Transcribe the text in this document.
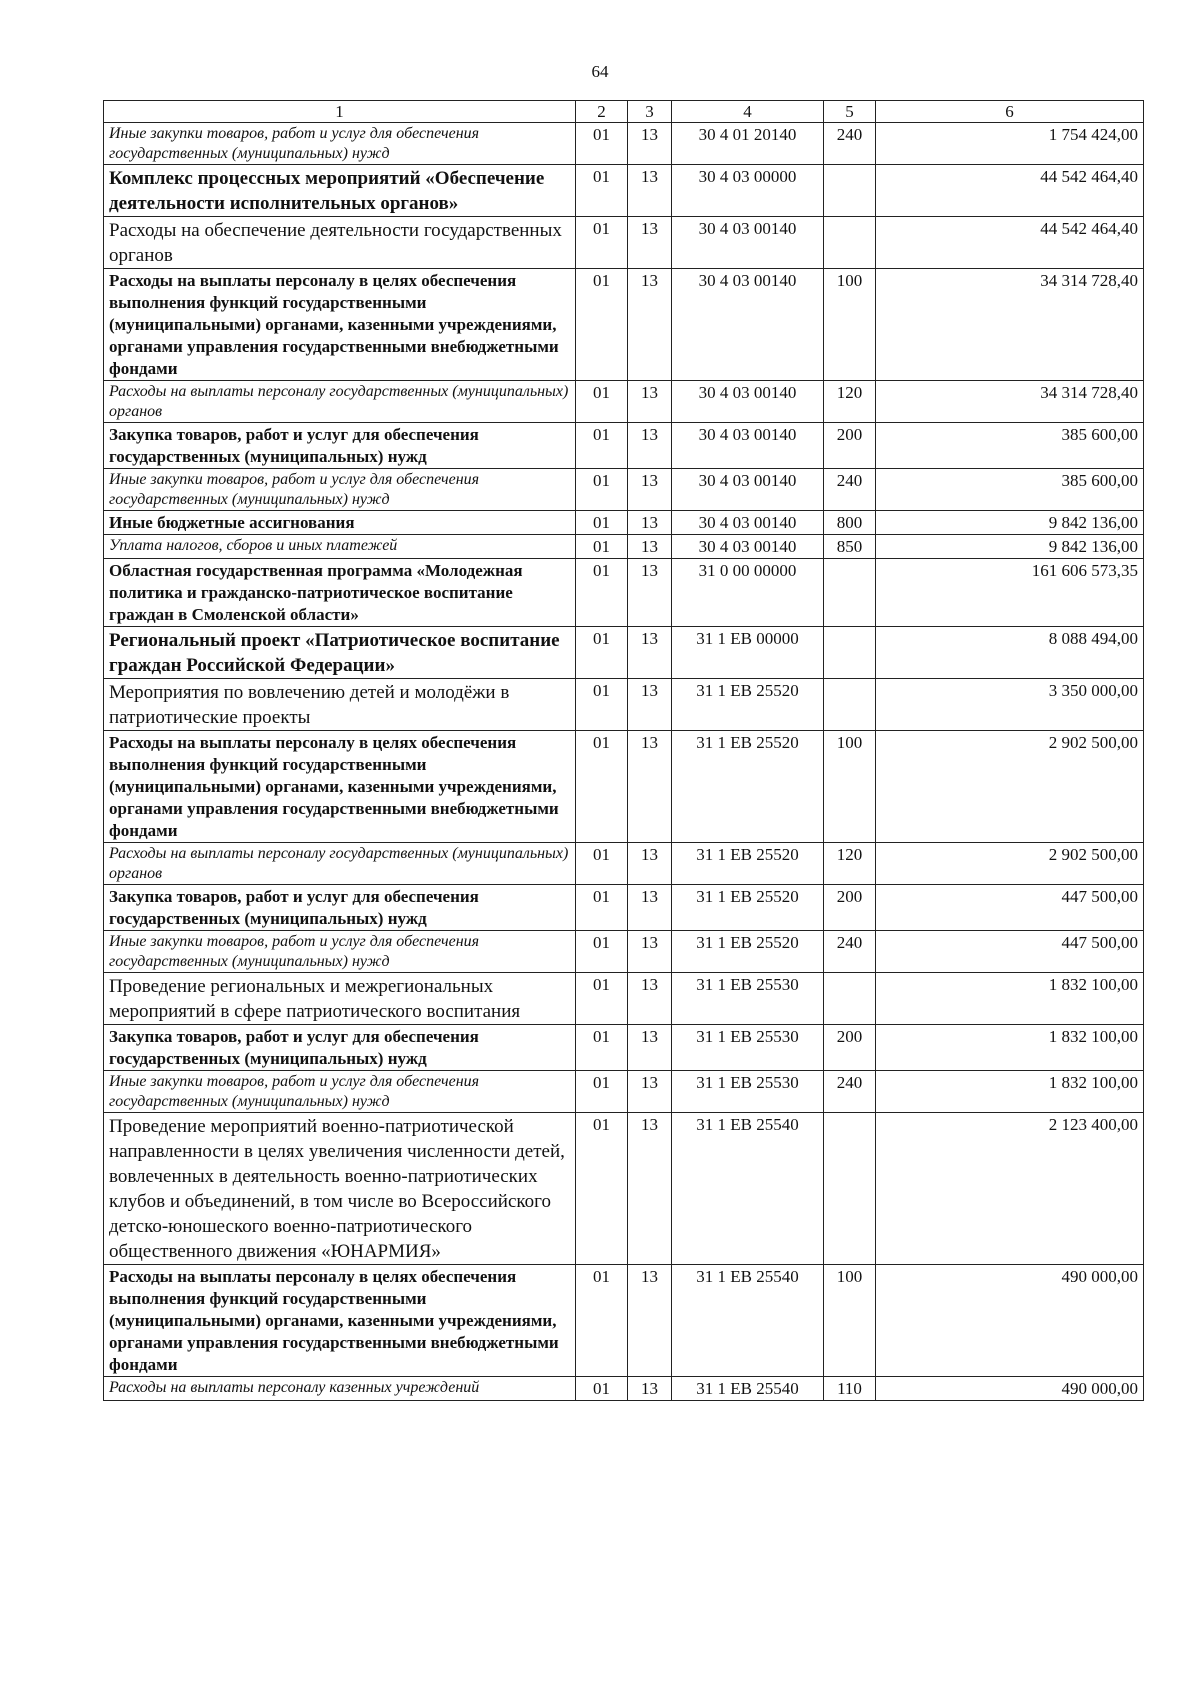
64
1	2	3	4	5	6
Иные закупки товаров, работ и услуг для обеспечения государственных (муниципальных) нужд	01	13	30 4 01 20140	240	1 754 424,00
Комплекс процессных мероприятий «Обеспечение деятельности исполнительных органов»	01	13	30 4 03 00000		44 542 464,40
Расходы на обеспечение деятельности государственных органов	01	13	30 4 03 00140		44 542 464,40
Расходы на выплаты персоналу в целях обеспечения выполнения функций государственными (муниципальными) органами, казенными учреждениями, органами управления государственными внебюджетными фондами	01	13	30 4 03 00140	100	34 314 728,40
Расходы на выплаты персоналу государственных (муниципальных) органов	01	13	30 4 03 00140	120	34 314 728,40
Закупка товаров, работ и услуг для обеспечения государственных (муниципальных) нужд	01	13	30 4 03 00140	200	385 600,00
Иные закупки товаров, работ и услуг для обеспечения государственных (муниципальных) нужд	01	13	30 4 03 00140	240	385 600,00
Иные бюджетные ассигнования	01	13	30 4 03 00140	800	9 842 136,00
Уплата налогов, сборов и иных платежей	01	13	30 4 03 00140	850	9 842 136,00
Областная государственная программа «Молодежная политика и гражданско-патриотическое воспитание граждан в Смоленской области»	01	13	31 0 00 00000		161 606 573,35
Региональный проект «Патриотическое воспитание граждан Российской Федерации»	01	13	31 1 ЕВ 00000		8 088 494,00
Мероприятия по вовлечению детей и молодёжи в патриотические проекты	01	13	31 1 ЕВ 25520		3 350 000,00
Расходы на выплаты персоналу в целях обеспечения выполнения функций государственными (муниципальными) органами, казенными учреждениями, органами управления государственными внебюджетными фондами	01	13	31 1 ЕВ 25520	100	2 902 500,00
Расходы на выплаты персоналу государственных (муниципальных) органов	01	13	31 1 ЕВ 25520	120	2 902 500,00
Закупка товаров, работ и услуг для обеспечения государственных (муниципальных) нужд	01	13	31 1 ЕВ 25520	200	447 500,00
Иные закупки товаров, работ и услуг для обеспечения государственных (муниципальных) нужд	01	13	31 1 ЕВ 25520	240	447 500,00
Проведение региональных и межрегиональных мероприятий в сфере патриотического воспитания	01	13	31 1 ЕВ 25530		1 832 100,00
Закупка товаров, работ и услуг для обеспечения государственных (муниципальных) нужд	01	13	31 1 ЕВ 25530	200	1 832 100,00
Иные закупки товаров, работ и услуг для обеспечения государственных (муниципальных) нужд	01	13	31 1 ЕВ 25530	240	1 832 100,00
Проведение мероприятий военно-патриотической направленности в целях увеличения численности детей, вовлеченных в деятельность военно-патриотических клубов и объединений, в том числе во Всероссийского детско-юношеского военно-патриотического общественного движения «ЮНАРМИЯ»	01	13	31 1 ЕВ 25540		2 123 400,00
Расходы на выплаты персоналу в целях обеспечения выполнения функций государственными (муниципальными) органами, казенными учреждениями, органами управления государственными внебюджетными фондами	01	13	31 1 ЕВ 25540	100	490 000,00
Расходы на выплаты персоналу казенных учреждений	01	13	31 1 ЕВ 25540	110	490 000,00
